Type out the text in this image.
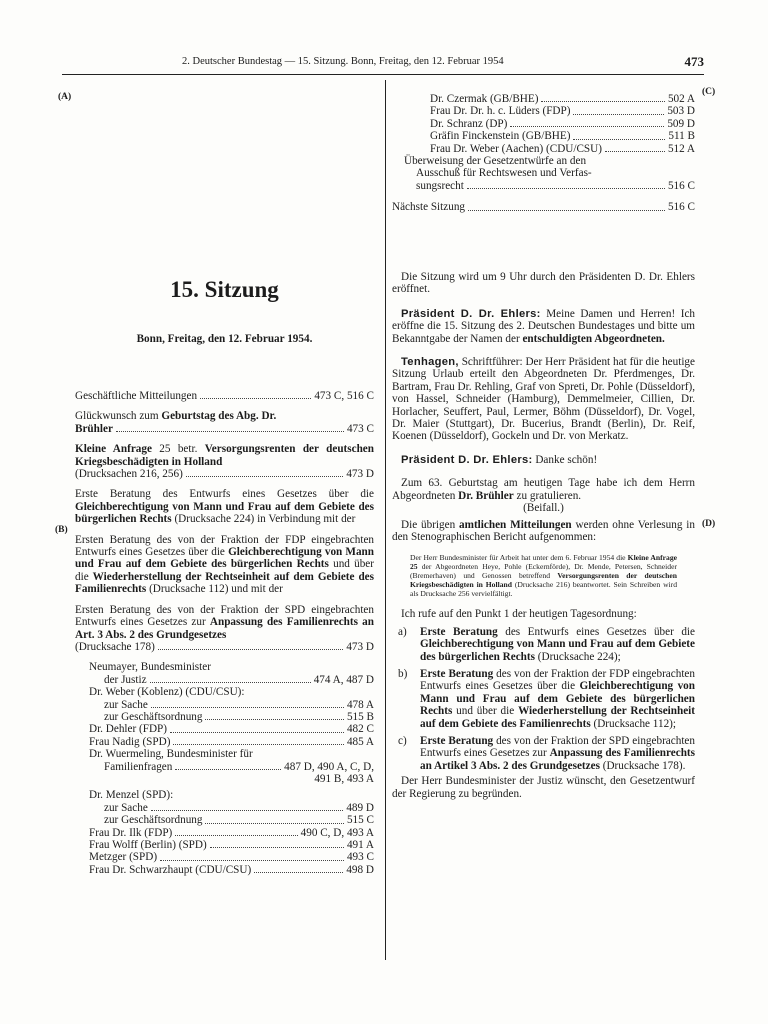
2. Deutscher Bundestag — 15. Sitzung. Bonn, Freitag, den 12. Februar 1954	473
(A)
(B)
(C)
(D)
15. Sitzung
Bonn, Freitag, den 12. Februar 1954.
Geschäftliche Mitteilungen	473 C, 516 C
Glückwunsch zum Geburtstag des Abg. Dr.
Brühler	473 C
Kleine Anfrage 25 betr. Versorgungsrenten der deutschen Kriegsbeschädigten in Holland
(Drucksachen 216, 256)	473 D
Erste Beratung des Entwurfs eines Gesetzes über die Gleichberechtigung von Mann und Frau auf dem Gebiete des bürgerlichen Rechts (Drucksache 224) in Verbindung mit der
Ersten Beratung des von der Fraktion der FDP eingebrachten Entwurfs eines Gesetzes über die Gleichberechtigung von Mann und Frau auf dem Gebiete des bürgerlichen Rechts und über die Wiederherstellung der Rechtseinheit auf dem Gebiete des Familienrechts (Drucksache 112) und mit der
Ersten Beratung des von der Fraktion der SPD eingebrachten Entwurfs eines Gesetzes zur Anpassung des Familienrechts an Art. 3 Abs. 2 des Grundgesetzes
(Drucksache 178)	473 D
Neumayer, Bundesminister
der Justiz	474 A, 487 D
Dr. Weber (Koblenz) (CDU/CSU):
zur Sache	478 A
zur Geschäftsordnung	515 B
Dr. Dehler (FDP)	482 C
Frau Nadig (SPD)	485 A
Dr. Wuermeling, Bundesminister für
Familienfragen	487 D, 490 A, C, D,
491 B, 493 A
Dr. Menzel (SPD):
zur Sache	489 D
zur Geschäftsordnung	515 C
Frau Dr. Ilk (FDP)	490 C, D, 493 A
Frau Wolff (Berlin) (SPD)	491 A
Metzger (SPD)	493 C
Frau Dr. Schwarzhaupt (CDU/CSU)	498 D
Dr. Czermak (GB/BHE)	502 A
Frau Dr. Dr. h. c. Lüders (FDP)	503 D
Dr. Schranz (DP)	509 D
Gräfin Finckenstein (GB/BHE)	511 B
Frau Dr. Weber (Aachen) (CDU/CSU)	512 A
Überweisung der Gesetzentwürfe an den
Ausschuß für Rechtswesen und Verfas-
sungsrecht	516 C
Nächste Sitzung	516 C

Die Sitzung wird um 9 Uhr durch den Präsidenten D. Dr. Ehlers eröffnet.

Präsident D. Dr. Ehlers: Meine Damen und Herren! Ich eröffne die 15. Sitzung des 2. Deutschen Bundestages und bitte um Bekanntgabe der Namen der entschuldigten Abgeordneten.

Tenhagen, Schriftführer: Der Herr Präsident hat für die heutige Sitzung Urlaub erteilt den Abgeordneten Dr. Pferdmenges, Dr. Bartram, Frau Dr. Rehling, Graf von Spreti, Dr. Pohle (Düsseldorf), von Hassel, Schneider (Hamburg), Demmelmeier, Cillien, Dr. Horlacher, Seuffert, Paul, Lermer, Böhm (Düsseldorf), Dr. Vogel, Dr. Maier (Stuttgart), Dr. Bucerius, Brandt (Berlin), Dr. Reif, Koenen (Düsseldorf), Gockeln und Dr. von Merkatz.

Präsident D. Dr. Ehlers: Danke schön!

Zum 63. Geburtstag am heutigen Tage habe ich dem Herrn Abgeordneten Dr. Brühler zu gratulieren.

(Beifall.)

Die übrigen amtlichen Mitteilungen werden ohne Verlesung in den Stenographischen Bericht aufgenommen:

Der Herr Bundesminister für Arbeit hat unter dem 6. Februar 1954 die Kleine Anfrage 25 der Abgeordneten Heye, Pohle (Eckernförde), Dr. Mende, Petersen, Schneider (Bremerhaven) und Genossen betreffend Versorgungsrenten der deutschen Kriegsbeschädigten in Holland (Drucksache 216) beantwortet. Sein Schreiben wird als Drucksache 256 vervielfältigt.

Ich rufe auf den Punkt 1 der heutigen Tagesordnung:

a)	Erste Beratung des Entwurfs eines Gesetzes über die Gleichberechtigung von Mann und Frau auf dem Gebiete des bürgerlichen Rechts (Drucksache 224);
b)	Erste Beratung des von der Fraktion der FDP eingebrachten Entwurfs eines Gesetzes über die Gleichberechtigung von Mann und Frau auf dem Gebiete des bürgerlichen Rechts und über die Wiederherstellung der Rechtseinheit auf dem Gebiete des Familienrechts (Drucksache 112);
c)	Erste Beratung des von der Fraktion der SPD eingebrachten Entwurfs eines Gesetzes zur Anpassung des Familienrechts an Artikel 3 Abs. 2 des Grundgesetzes (Drucksache 178).

Der Herr Bundesminister der Justiz wünscht, den Gesetzentwurf der Regierung zu begründen.
